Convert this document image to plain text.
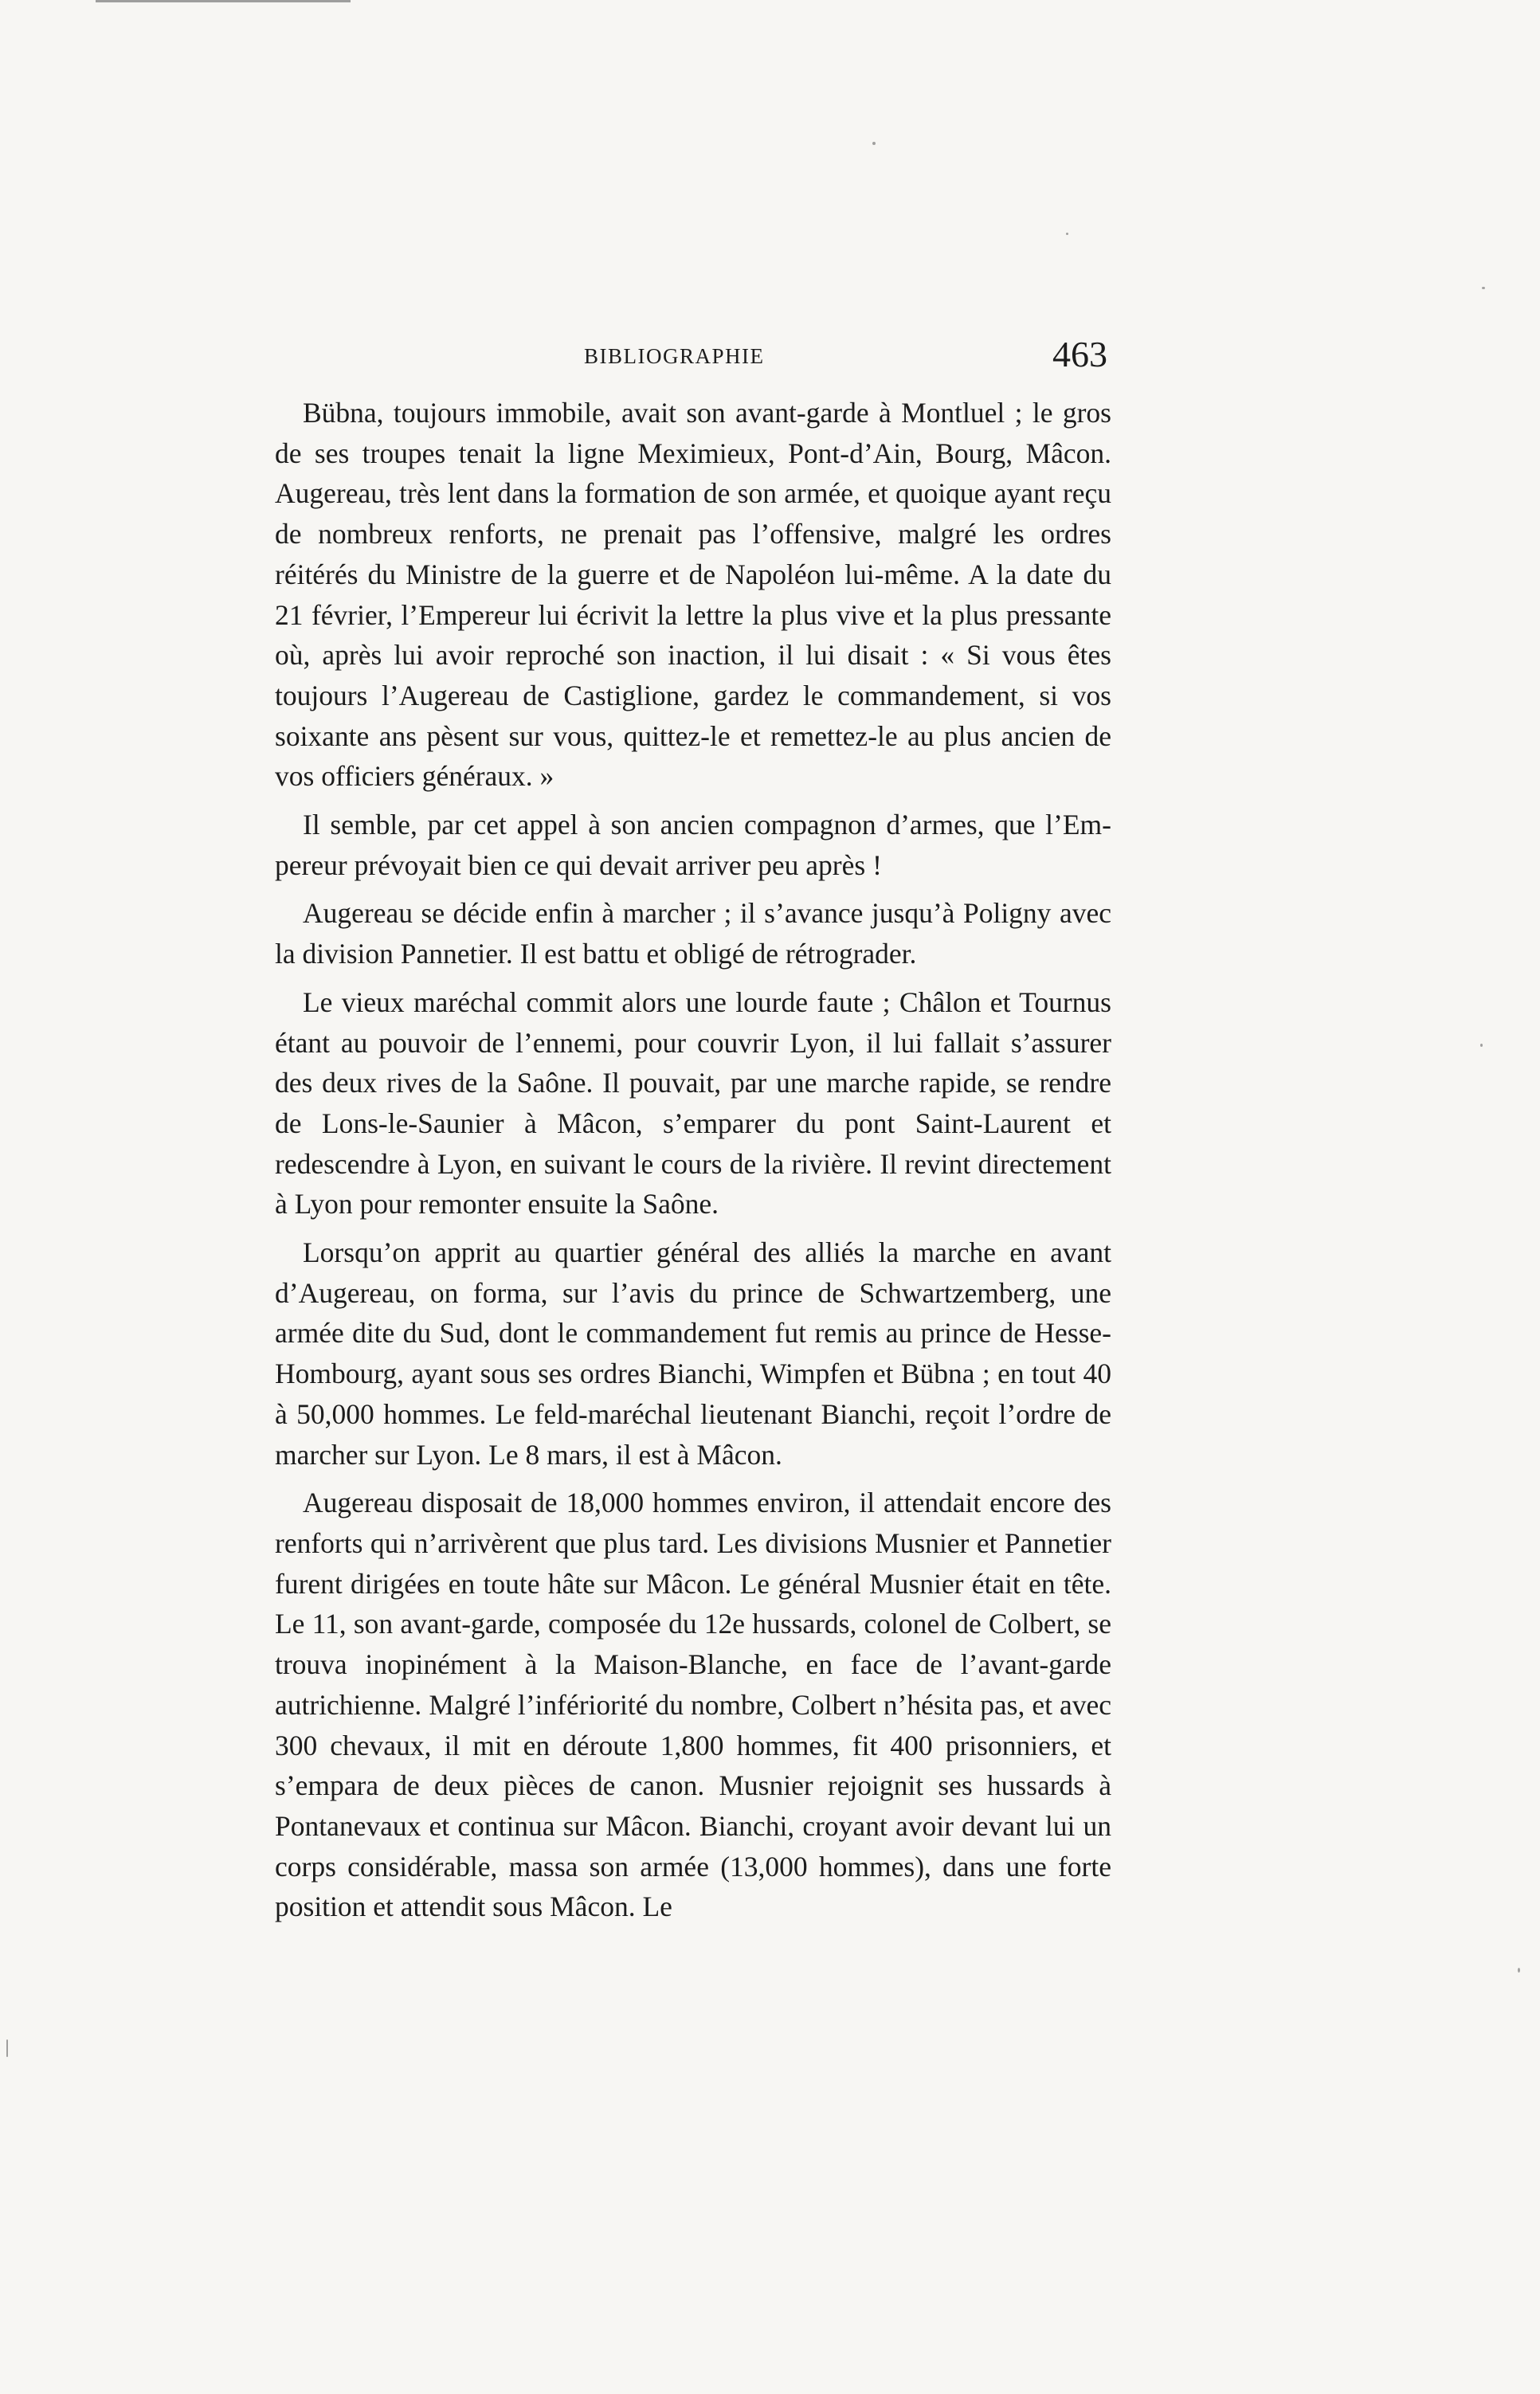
BIBLIOGRAPHIE	463

Bübna, toujours immobile, avait son avant-garde à Montluel ; le gros de ses troupes tenait la ligne Meximieux, Pont-d’Ain, Bourg, Mâcon. Augereau, très lent dans la formation de son armée, et quoique ayant reçu de nombreux renforts, ne prenait pas l’offensive, malgré les ordres réitérés du Ministre de la guerre et de Napoléon lui-même. A la date du 21 février, l’Empereur lui écrivit la lettre la plus vive et la plus pressante où, après lui avoir reproché son inaction, il lui disait : « Si vous êtes toujours l’Augereau de Castiglione, gardez le commandement, si vos soixante ans pèsent sur vous, quittez-le et remettez-le au plus ancien de vos officiers généraux. »

Il semble, par cet appel à son ancien compagnon d’armes, que l’Empereur prévoyait bien ce qui devait arriver peu après !

Augereau se décide enfin à marcher ; il s’avance jusqu’à Poligny avec la division Pannetier. Il est battu et obligé de rétrograder.

Le vieux maréchal commit alors une lourde faute ; Châlon et Tournus étant au pouvoir de l’ennemi, pour couvrir Lyon, il lui fallait s’assurer des deux rives de la Saône. Il pouvait, par une marche rapide, se rendre de Lons-le-Saunier à Mâcon, s’emparer du pont Saint-Laurent et redescendre à Lyon, en suivant le cours de la rivière. Il revint directement à Lyon pour remonter ensuite la Saône.

Lorsqu’on apprit au quartier général des alliés la marche en avant d’Augereau, on forma, sur l’avis du prince de Schwartzemberg, une armée dite du Sud, dont le commandement fut remis au prince de Hesse-Hombourg, ayant sous ses ordres Bianchi, Wimpfen et Bübna ; en tout 40 à 50,000 hommes. Le feld-maréchal lieutenant Bianchi, reçoit l’ordre de marcher sur Lyon. Le 8 mars, il est à Mâcon.

Augereau disposait de 18,000 hommes environ, il attendait encore des renforts qui n’arrivèrent que plus tard. Les divisions Musnier et Pannetier furent dirigées en toute hâte sur Mâcon. Le général Musnier était en tête. Le 11, son avant-garde, composée du 12e hussards, colonel de Colbert, se trouva inopinément à la Maison-Blanche, en face de l’avant-garde autrichienne. Malgré l’infériorité du nombre, Colbert n’hésita pas, et avec 300 chevaux, il mit en déroute 1,800 hommes, fit 400 prisonniers, et s’empara de deux pièces de canon. Musnier rejoignit ses hussards à Pontanevaux et continua sur Mâcon. Bianchi, croyant avoir devant lui un corps considérable, massa son armée (13,000 hommes), dans une forte position et attendit sous Mâcon. Le
